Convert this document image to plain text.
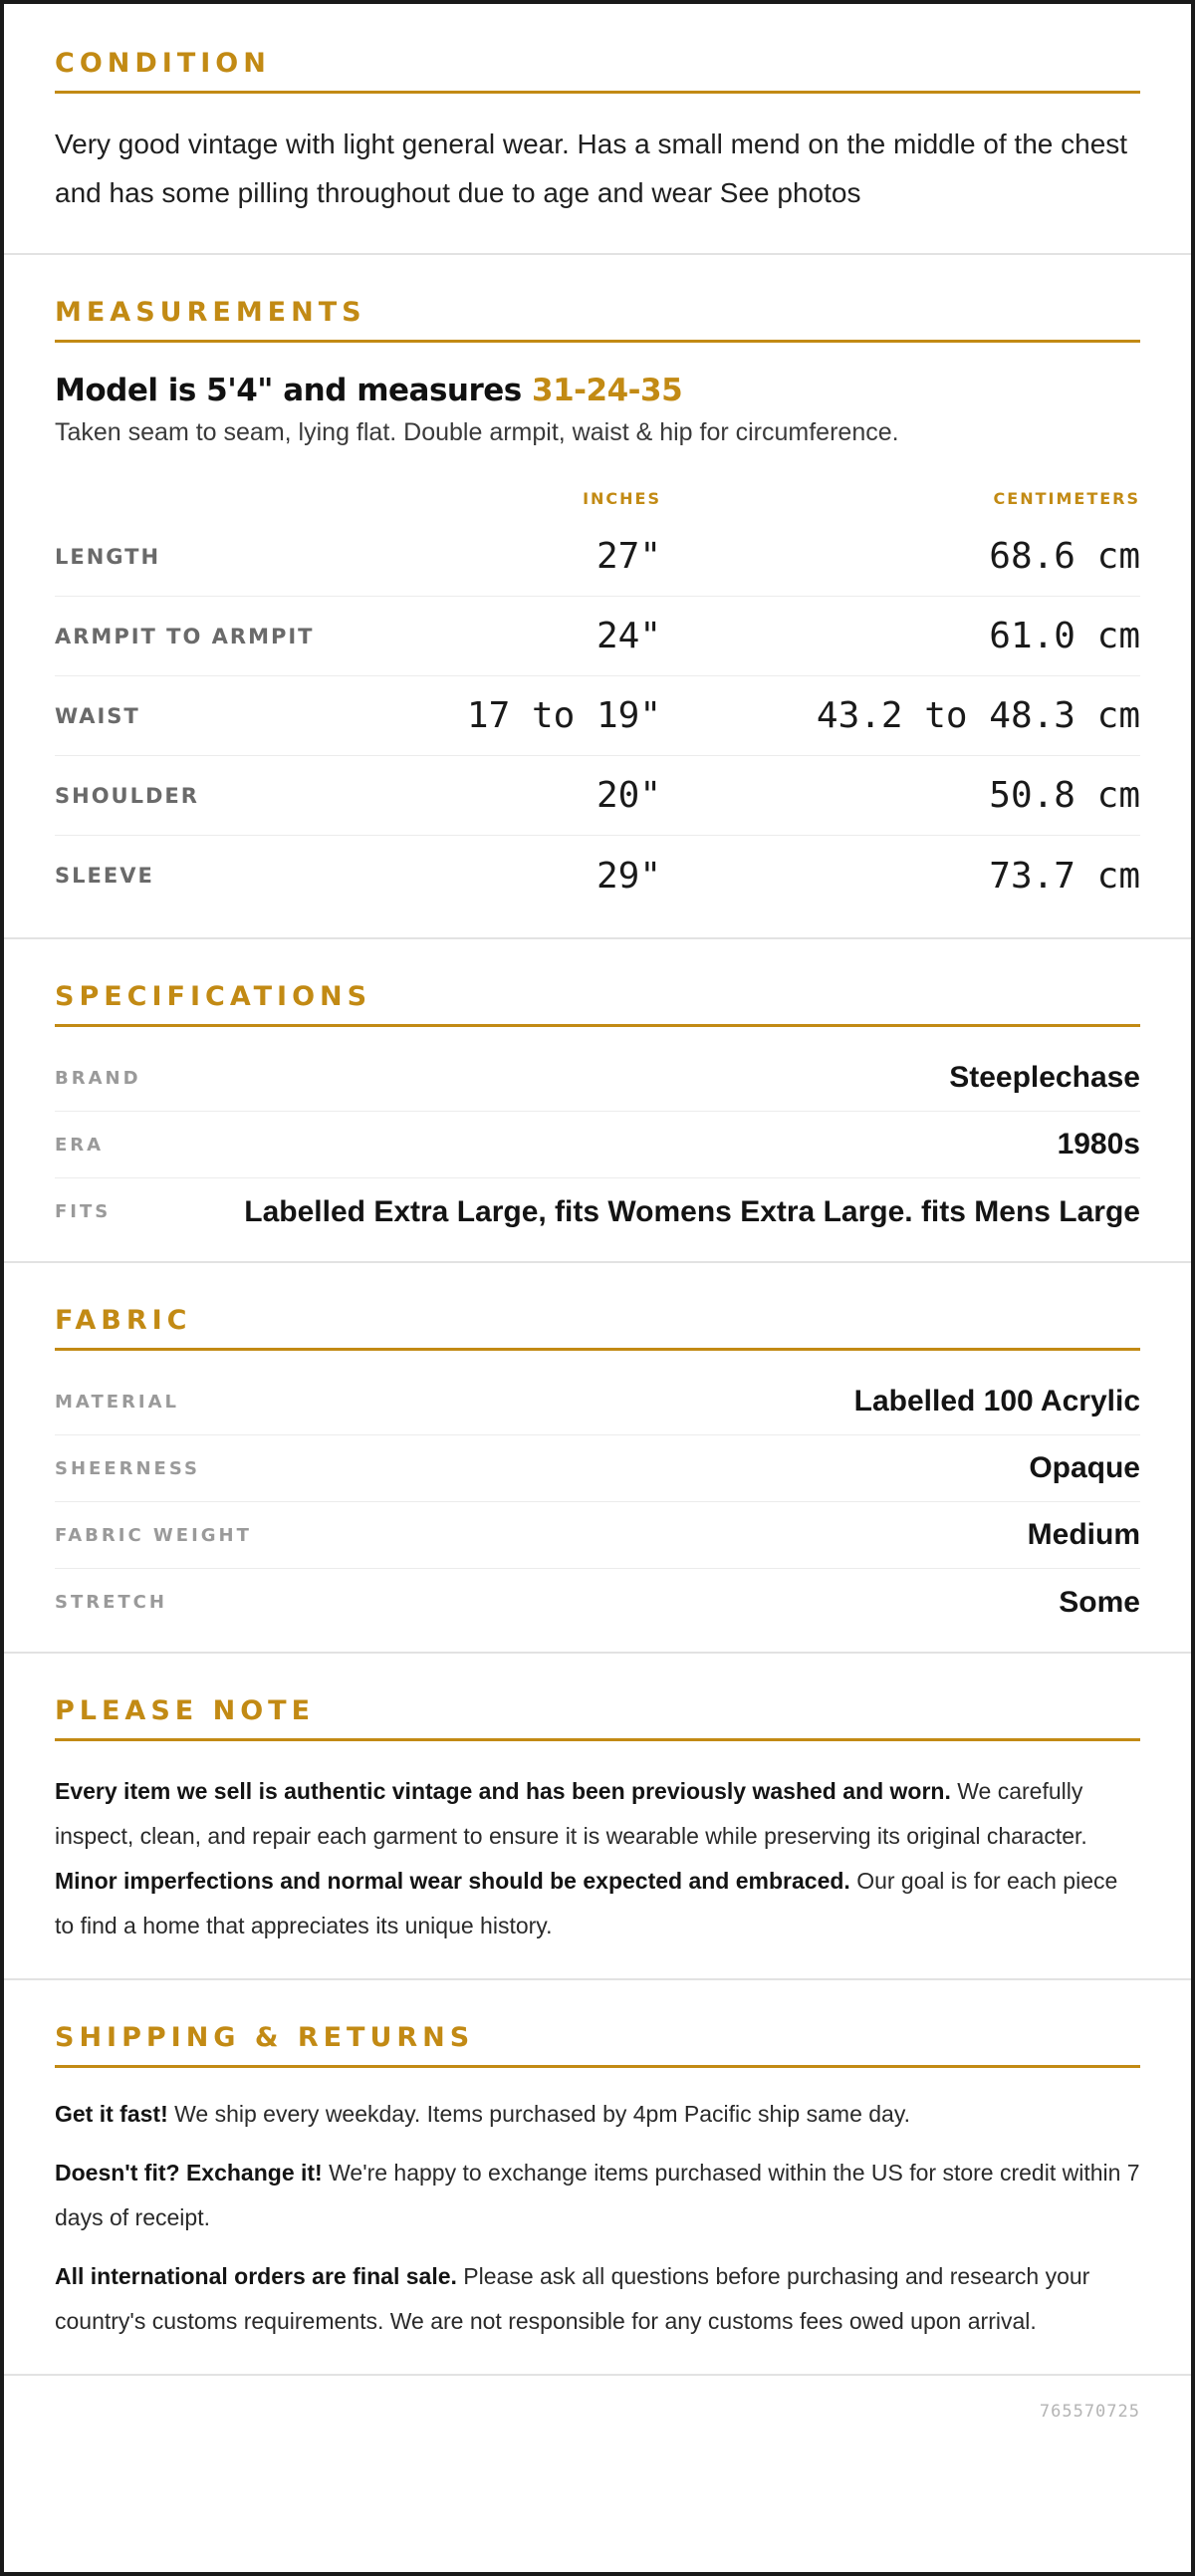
CONDITION

Very good vintage with light general wear. Has a small mend on the middle of the chest and has some pilling throughout due to age and wear See photos

MEASUREMENTS
Model is 5'4" and measures 31-24-35
Taken seam to seam, lying flat. Double armpit, waist & hip for circumference.
INCHES	CENTIMETERS
LENGTH	27"	68.6 cm
ARMPIT TO ARMPIT	24"	61.0 cm
WAIST	17 to 19"	43.2 to 48.3 cm
SHOULDER	20"	50.8 cm
SLEEVE	29"	73.7 cm
SPECIFICATIONS
BRAND	Steeplechase
ERA	1980s
FITS	Labelled Extra Large, fits Womens Extra Large. fits Mens Large
FABRIC
MATERIAL	Labelled 100 Acrylic
SHEERNESS	Opaque
FABRIC WEIGHT	Medium
STRETCH	Some
PLEASE NOTE

Every item we sell is authentic vintage and has been previously washed and worn. We carefully inspect, clean, and repair each garment to ensure it is wearable while preserving its original character. Minor imperfections and normal wear should be expected and embraced. Our goal is for each piece to find a home that appreciates its unique history.

SHIPPING & RETURNS

Get it fast! We ship every weekday. Items purchased by 4pm Pacific ship same day.

Doesn't fit? Exchange it! We're happy to exchange items purchased within the US for store credit within 7 days of receipt.

All international orders are final sale. Please ask all questions before purchasing and research your country's customs requirements. We are not responsible for any customs fees owed upon arrival.

765570725
